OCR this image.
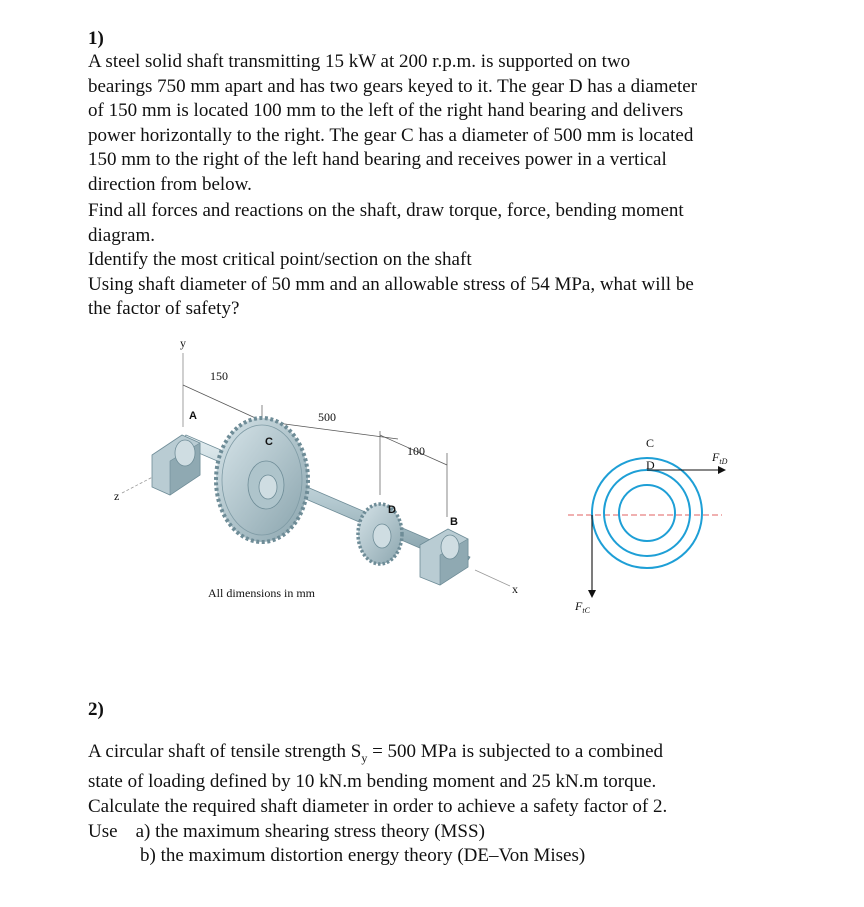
1)
A steel solid shaft transmitting 15 kW at 200 r.p.m. is supported on two
bearings 750 mm apart and has two gears keyed to it. The gear D has a diameter
of 150 mm is located 100 mm to the left of the right hand bearing and delivers
power horizontally to the right. The gear C has a diameter of 500 mm is located
150 mm to the right of the left hand bearing and receives power in a vertical
direction from below.
Find all forces and reactions on the shaft, draw torque, force, bending moment
diagram.
Identify the most critical point/section on the shaft
Using shaft diameter of 50 mm and an allowable stress of 54 MPa, what will be
the factor of safety?
y
z
x
150
500
100
A
C
D
B
All dimensions in mm
C
D
$F_{tD}$
$F_{tC}$
2)
A circular shaft of tensile strength $S_y = 500$ MPa is subjected to a combined
state of loading defined by 10 kN.m bending moment and 25 kN.m torque.
Calculate the required shaft diameter in order to achieve a safety factor of 2.
Use a) the maximum shearing stress theory (MSS)
b) the maximum distortion energy theory (DE–Von Mises)
